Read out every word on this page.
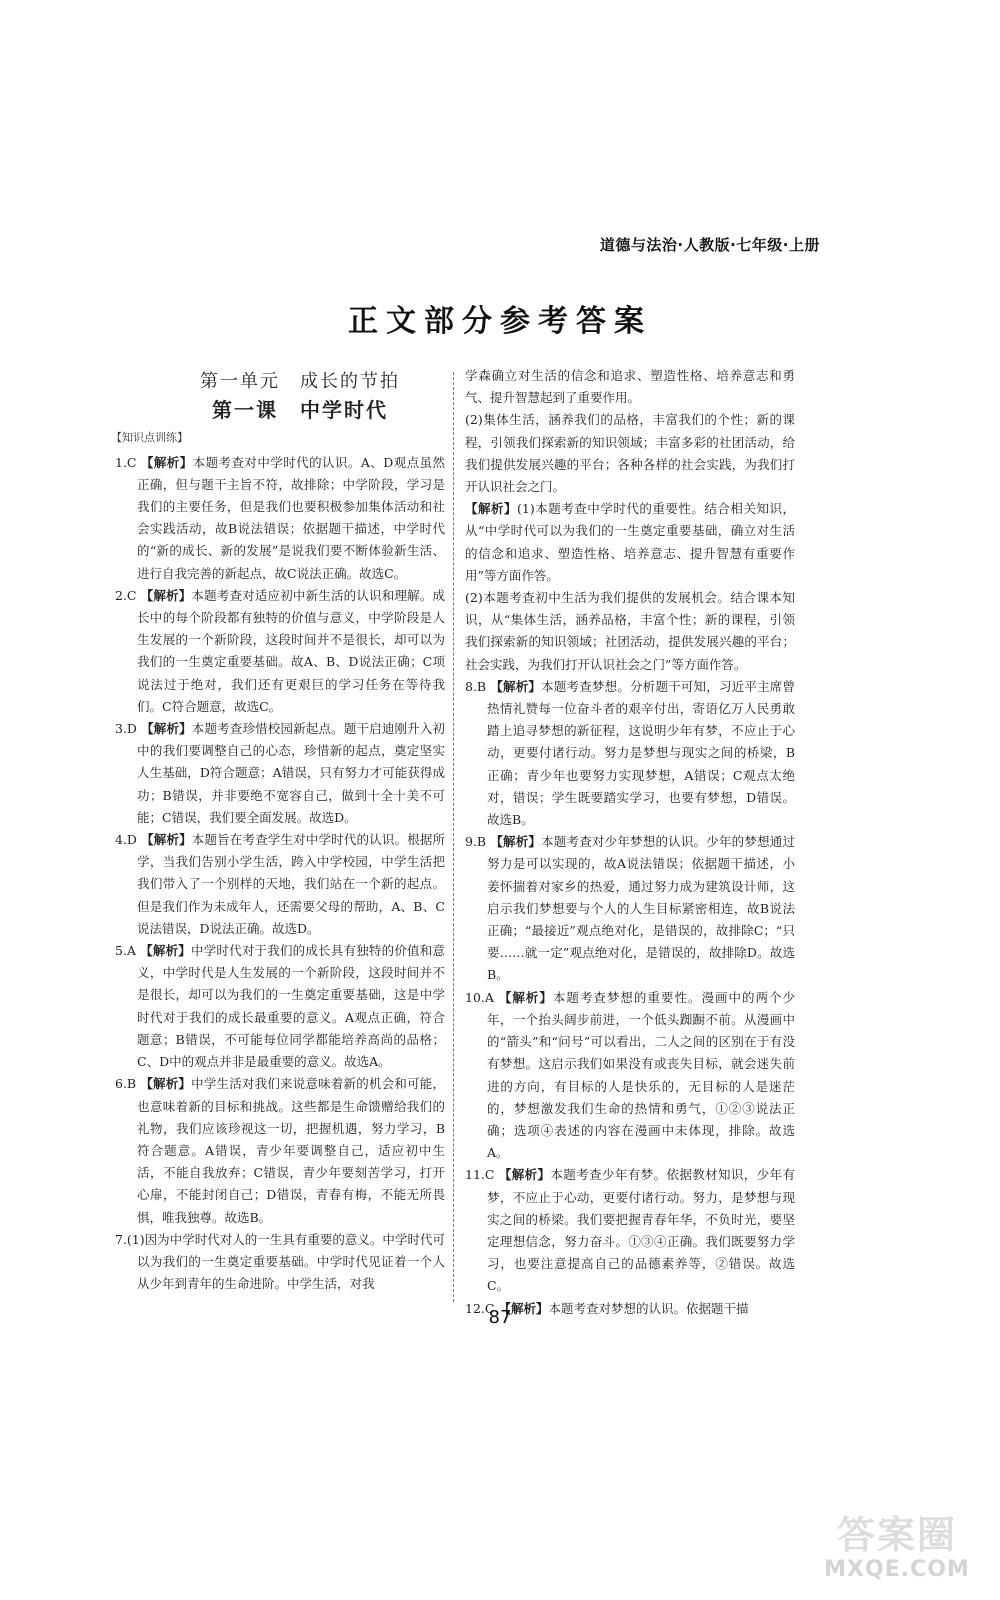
道德与法治·人教版·七年级·上册
正文部分参考答案
第一单元　成长的节拍
第一课　中学时代
【知识点训练】
1.C 【解析】本题考查对中学时代的认识。A、D观点虽然正确，但与题干主旨不符，故排除；中学阶段，学习是我们的主要任务，但是我们也要积极参加集体活动和社会实践活动，故B说法错误；依据题干描述，中学时代的“新的成长、新的发展”是说我们要不断体验新生活、进行自我完善的新起点，故C说法正确。故选C。
2.C 【解析】本题考查对适应初中新生活的认识和理解。成长中的每个阶段都有独特的价值与意义，中学阶段是人生发展的一个新阶段，这段时间并不是很长，却可以为我们的一生奠定重要基础。故A、B、D说法正确；C项说法过于绝对，我们还有更艰巨的学习任务在等待我们。C符合题意，故选C。
3.D 【解析】本题考查珍惜校园新起点。题干启迪刚升入初中的我们要调整自己的心态，珍惜新的起点，奠定坚实人生基础，D符合题意；A错误，只有努力才可能获得成功；B错误，并非要绝不宽容自己，做到十全十美不可能；C错误，我们要全面发展。故选D。
4.D 【解析】本题旨在考查学生对中学时代的认识。根据所学，当我们告别小学生活，跨入中学校园，中学生活把我们带入了一个别样的天地，我们站在一个新的起点。但是我们作为未成年人，还需要父母的帮助，A、B、C说法错误，D说法正确。故选D。
5.A 【解析】中学时代对于我们的成长具有独特的价值和意义，中学时代是人生发展的一个新阶段，这段时间并不是很长，却可以为我们的一生奠定重要基础，这是中学时代对于我们的成长最重要的意义。A观点正确，符合题意；B错误，不可能每位同学都能培养高尚的品格；C、D中的观点并非是最重要的意义。故选A。
6.B 【解析】中学生活对我们来说意味着新的机会和可能，也意味着新的目标和挑战。这些都是生命馈赠给我们的礼物，我们应该珍视这一切，把握机遇，努力学习，B符合题意。A错误，青少年要调整自己，适应初中生活，不能自我放弃；C错误，青少年要刻苦学习，打开心扉，不能封闭自己；D错误，青春有梅，不能无所畏惧，唯我独尊。故选B。
7.(1)因为中学时代对人的一生具有重要的意义。中学时代可以为我们的一生奠定重要基础。中学时代见证着一个人从少年到青年的生命进阶。中学生活，对我
学森确立对生活的信念和追求、塑造性格、培养意志和勇气、提升智慧起到了重要作用。
(2)集体生活，涵养我们的品格，丰富我们的个性；新的课程，引领我们探索新的知识领域；丰富多彩的社团活动，给我们提供发展兴趣的平台；各种各样的社会实践，为我们打开认识社会之门。
【解析】(1)本题考查中学时代的重要性。结合相关知识，从“中学时代可以为我们的一生奠定重要基础，确立对生活的信念和追求、塑造性格、培养意志、提升智慧有重要作用”等方面作答。
(2)本题考查初中生活为我们提供的发展机会。结合课本知识，从“集体生活，涵养品格，丰富个性；新的课程，引领我们探索新的知识领域；社团活动，提供发展兴趣的平台；社会实践，为我们打开认识社会之门”等方面作答。
8.B 【解析】本题考查梦想。分析题干可知，习近平主席曾热情礼赞每一位奋斗者的艰辛付出，寄语亿万人民勇敢踏上追寻梦想的新征程，这说明少年有梦，不应止于心动，更要付诸行动。努力是梦想与现实之间的桥梁，B正确；青少年也要努力实现梦想，A错误；C观点太绝对，错误；学生既要踏实学习，也要有梦想，D错误。故选B。
9.B 【解析】本题考查对少年梦想的认识。少年的梦想通过努力是可以实现的，故A说法错误；依据题干描述，小姜怀揣着对家乡的热爱，通过努力成为建筑设计师，这启示我们梦想要与个人的人生目标紧密相连，故B说法正确；“最接近”观点绝对化，是错误的，故排除C；“只要……就一定”观点绝对化，是错误的，故排除D。故选B。
10.A 【解析】本题考查梦想的重要性。漫画中的两个少年，一个抬头阔步前进，一个低头踟蹰不前。从漫画中的“箭头”和“问号”可以看出，二人之间的区别在于有没有梦想。这启示我们如果没有或丧失目标，就会迷失前进的方向，有目标的人是快乐的，无目标的人是迷茫的，梦想激发我们生命的热情和勇气，①②③说法正确；选项④表述的内容在漫画中未体现，排除。故选A。
11.C 【解析】本题考查少年有梦。依据教材知识，少年有梦，不应止于心动，更要付诸行动。努力，是梦想与现实之间的桥梁。我们要把握青春年华，不负时光，要坚定理想信念，努力奋斗。①③④正确。我们既要努力学习，也要注意提高自己的品德素养等，②错误。故选C。
12.C 【解析】本题考查对梦想的认识。依据题干描
87
答案圈
MXQE.COM
